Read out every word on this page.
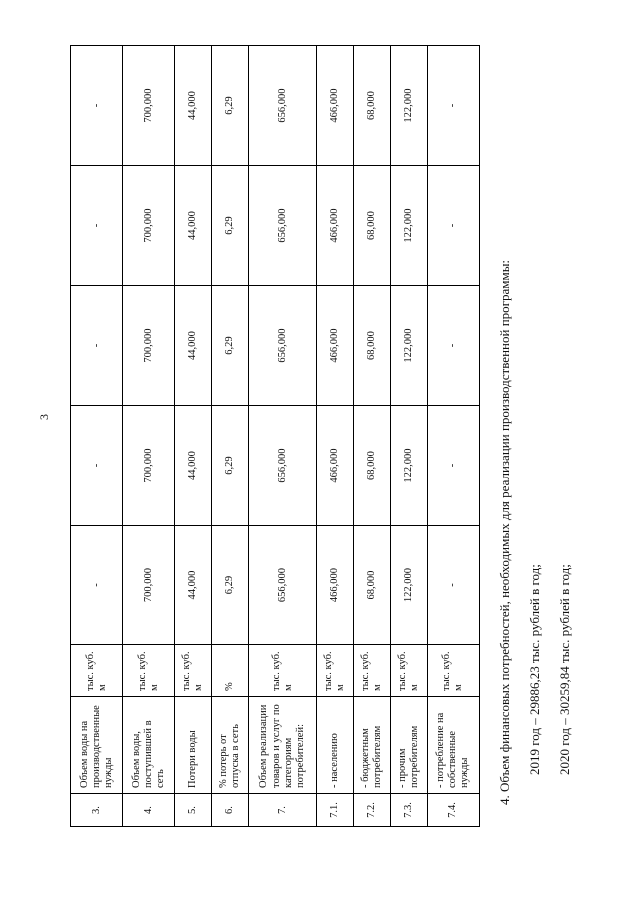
3
3.	Объем воды на производственные нужды	тыс. куб. м	-	-	-	-	-
4.	Объем воды, поступившей в сеть	тыс. куб. м	700,000	700,000	700,000	700,000	700,000
5.	Потери воды	тыс. куб. м	44,000	44,000	44,000	44,000	44,000
6.	% потерь от отпуска в сеть	%	6,29	6,29	6,29	6,29	6,29
7.	Объем реализации товаров и услуг по категориям потребителей:	тыс. куб. м	656,000	656,000	656,000	656,000	656,000
7.1.	- населению	тыс. куб. м	466,000	466,000	466,000	466,000	466,000
7.2.	- бюджетным потребителям	тыс. куб. м	68,000	68,000	68,000	68,000	68,000
7.3.	- прочим потребителям	тыс. куб. м	122,000	122,000	122,000	122,000	122,000
7.4.	- потребление на собственные нужды	тыс. куб. м	-	-	-	-	-

4. Объем финансовых потребностей, необходимых для реализации производственной программы:	2019 год – 29886,23 тыс. рублей в год;	2020 год – 30259,84 тыс. рублей в год;
